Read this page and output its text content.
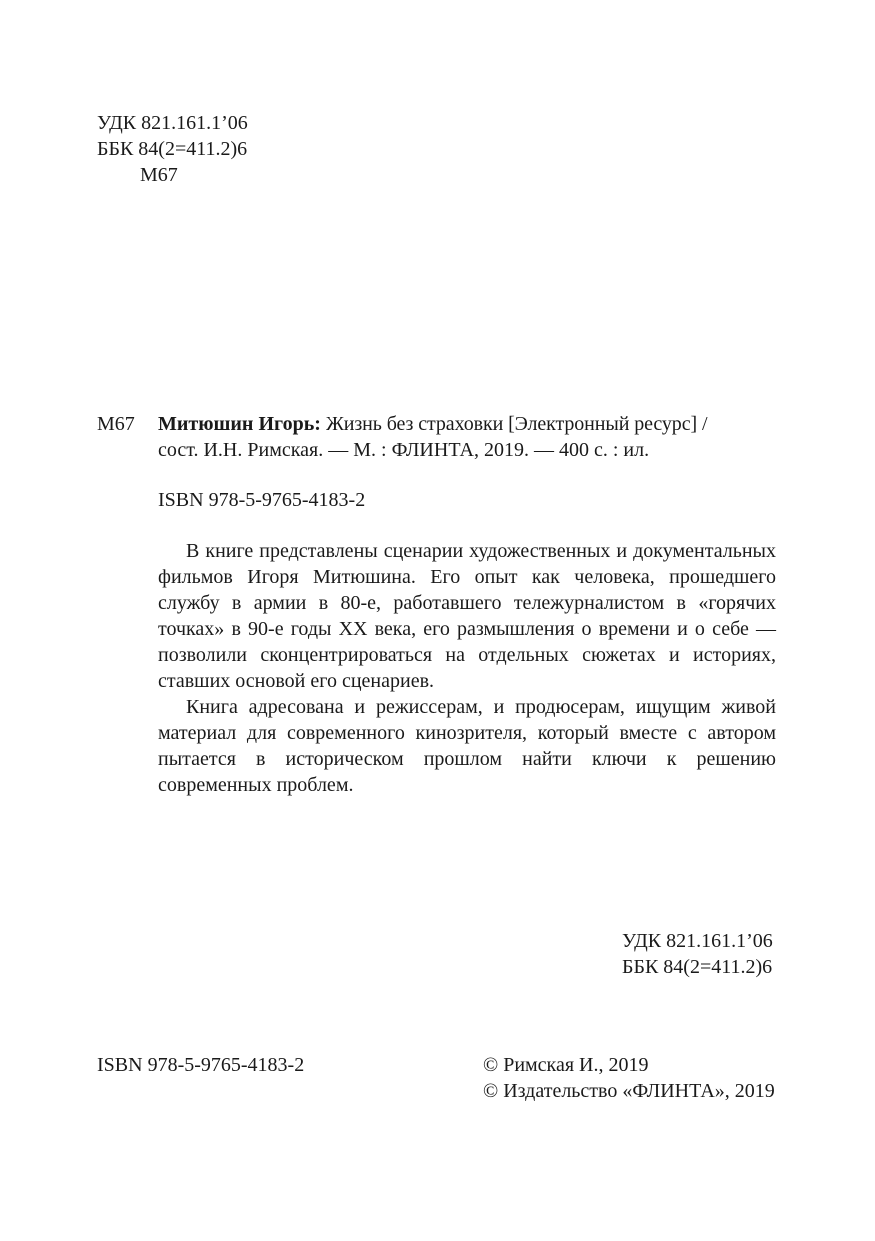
УДК 821.161.1’06
ББК 84(2=411.2)6
М67
М67 Митюшин Игорь: Жизнь без страховки [Электронный ресурс] /
сост. И.Н. Римская. — М. : ФЛИНТА, 2019. — 400 с. : ил.
ISBN 978-5-9765-4183-2

В книге представлены сценарии художественных и документальных фильмов Игоря Митюшина. Его опыт как человека, прошедшего службу в армии в 80-е, работавшего тележурналистом в «горячих точках» в 90-е годы XX века, его размышления о времени и о себе — позволили сконцентрироваться на отдельных сюжетах и историях, ставших основой его сценариев.

Книга адресована и режиссерам, и продюсерам, ищущим живой материал для современного кинозрителя, который вместе с автором пытается в историческом прошлом найти ключи к решению современных проблем.

УДК 821.161.1’06
ББК 84(2=411.2)6
ISBN 978-5-9765-4183-2	© Римская И., 2019
© Издательство «ФЛИНТА», 2019
